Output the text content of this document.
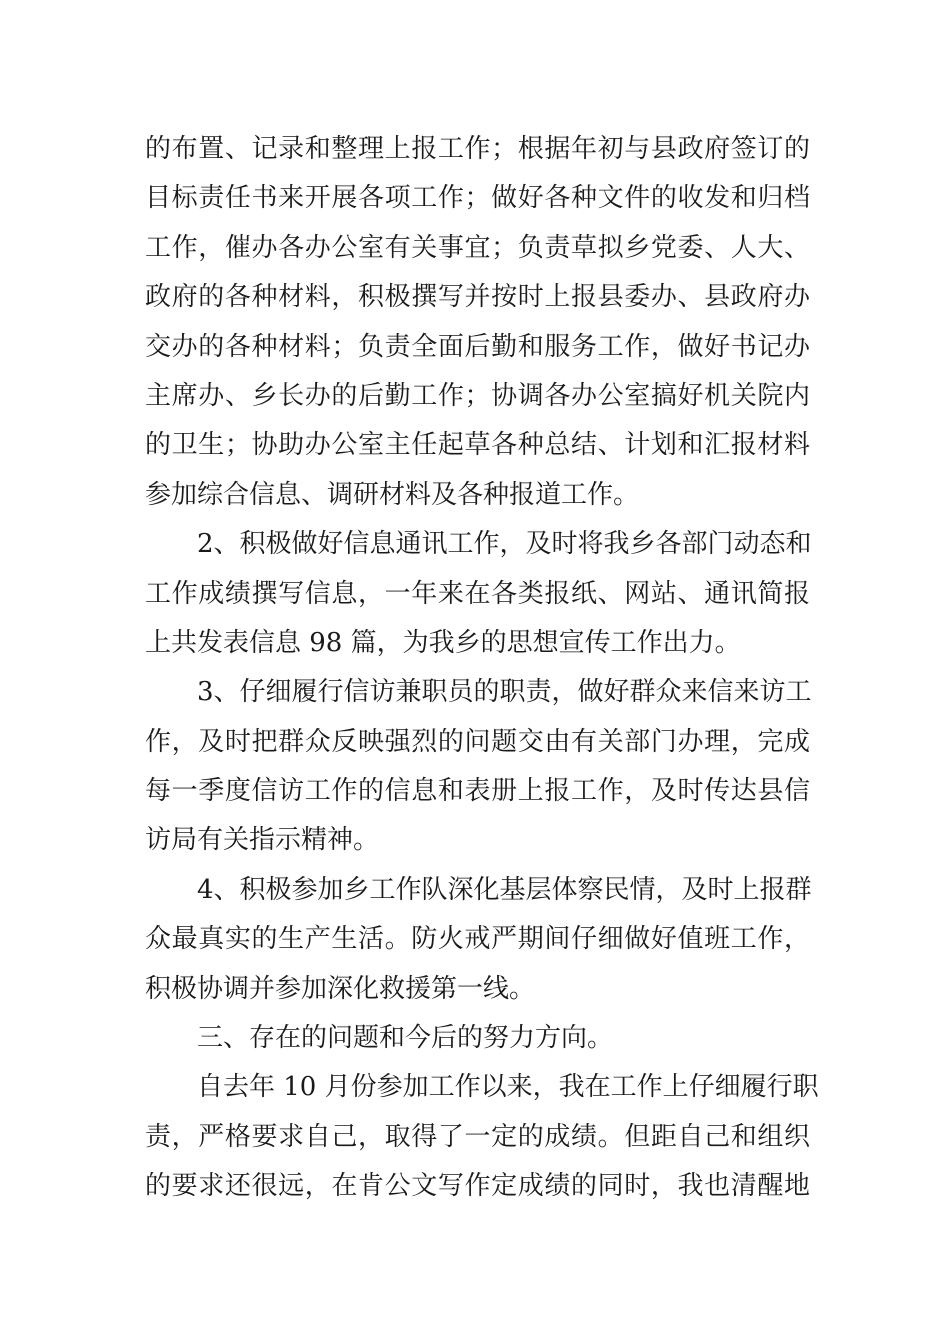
的布置、记录和整理上报工作；根据年初与县政府签订的
目标责任书来开展各项工作；做好各种文件的收发和归档
工作，催办各办公室有关事宜；负责草拟乡党委、人大、
政府的各种材料，积极撰写并按时上报县委办、县政府办
交办的各种材料；负责全面后勤和服务工作，做好书记办
主席办、乡长办的后勤工作；协调各办公室搞好机关院内
的卫生；协助办公室主任起草各种总结、计划和汇报材料
参加综合信息、调研材料及各种报道工作。
2、积极做好信息通讯工作，及时将我乡各部门动态和
工作成绩撰写信息，一年来在各类报纸、网站、通讯简报
上共发表信息 98 篇，为我乡的思想宣传工作出力。
3、仔细履行信访兼职员的职责，做好群众来信来访工
作，及时把群众反映强烈的问题交由有关部门办理，完成
每一季度信访工作的信息和表册上报工作，及时传达县信
访局有关指示精神。
4、积极参加乡工作队深化基层体察民情，及时上报群
众最真实的生产生活。防火戒严期间仔细做好值班工作，
积极协调并参加深化救援第一线。
三、存在的问题和今后的努力方向。
自去年 10 月份参加工作以来，我在工作上仔细履行职
责，严格要求自己，取得了一定的成绩。但距自己和组织
的要求还很远，在肯公文写作定成绩的同时，我也清醒地
